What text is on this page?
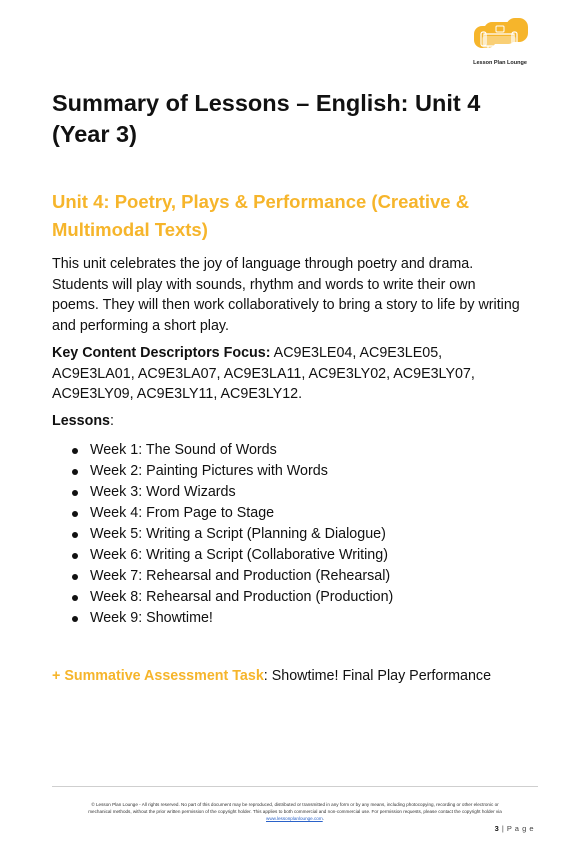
Lesson Plan Lounge
Summary of Lessons – English: Unit 4 (Year 3)
Unit 4: Poetry, Plays & Performance (Creative & Multimodal Texts)

This unit celebrates the joy of language through poetry and drama. Students will play with sounds, rhythm and words to write their own poems. They will then work collaboratively to bring a story to life by writing and performing a short play.

Key Content Descriptors Focus: AC9E3LE04, AC9E3LE05, AC9E3LA01, AC9E3LA07, AC9E3LA11, AC9E3LY02, AC9E3LY07, AC9E3LY09, AC9E3LY11, AC9E3LY12.

Lessons:

Week 1: The Sound of Words
Week 2: Painting Pictures with Words
Week 3: Word Wizards
Week 4: From Page to Stage
Week 5: Writing a Script (Planning & Dialogue)
Week 6: Writing a Script (Collaborative Writing)
Week 7: Rehearsal and Production (Rehearsal)
Week 8: Rehearsal and Production (Production)
Week 9: Showtime!

+ Summative Assessment Task: Showtime! Final Play Performance

© Lesson Plan Lounge - All rights reserved. No part of this document may be reproduced, distributed or transmitted in any form or by any means, including photocopying, recording or other electronic or
mechanical methods, without the prior written permission of the copyright holder. This applies to both commercial and non-commercial use. For permission requests, please contact the copyright holder via
www.lessonplanlounge.com.
3 | P a g e
